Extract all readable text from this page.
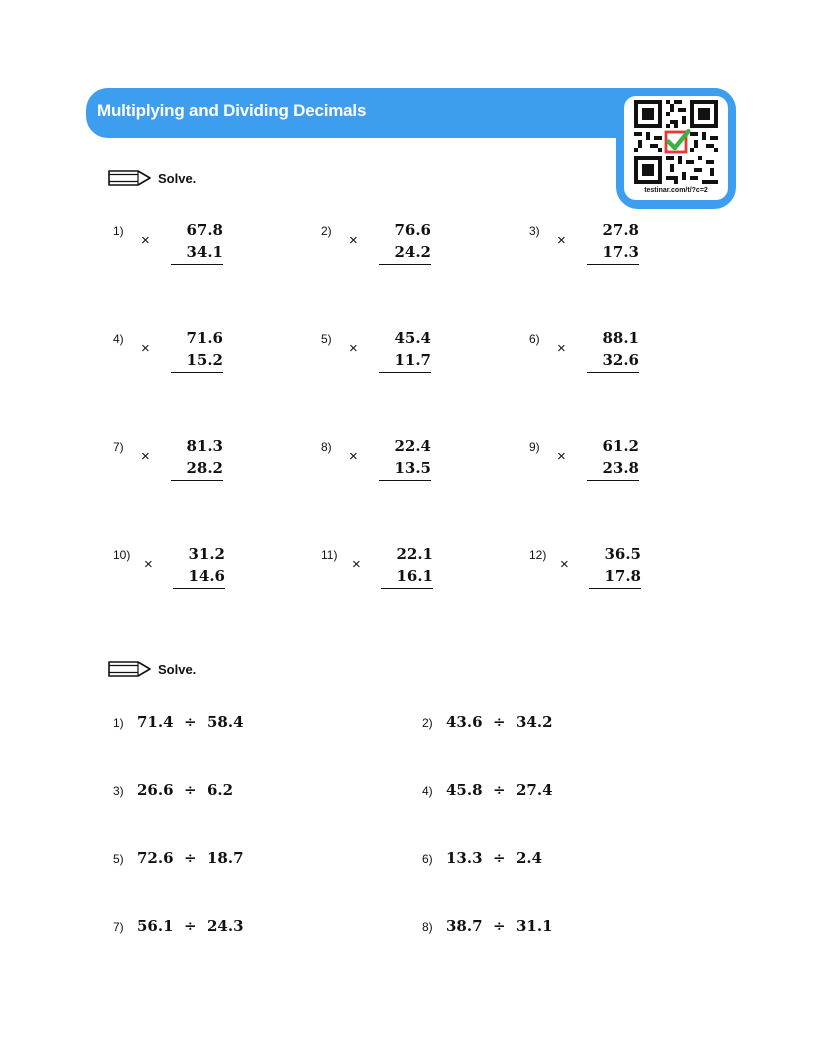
Multiplying and Dividing Decimals
testinar.com/t/?c=2
Solve.
1)
×
67.8
34.1
2)
×
76.6
24.2
3)
×
27.8
17.3
4)
×
71.6
15.2
5)
×
45.4
11.7
6)
×
88.1
32.6
7)
×
81.3
28.2
8)
×
22.4
13.5
9)
×
61.2
23.8
10)
×
31.2
14.6
11)
×
22.1
16.1
12)
×
36.5
17.8
Solve.
1) 71.4  ÷  58.4	2) 43.6  ÷  34.2
3) 26.6  ÷  6.2	4) 45.8  ÷  27.4
5) 72.6  ÷  18.7	6) 13.3  ÷  2.4
7) 56.1  ÷  24.3	8) 38.7  ÷  31.1
